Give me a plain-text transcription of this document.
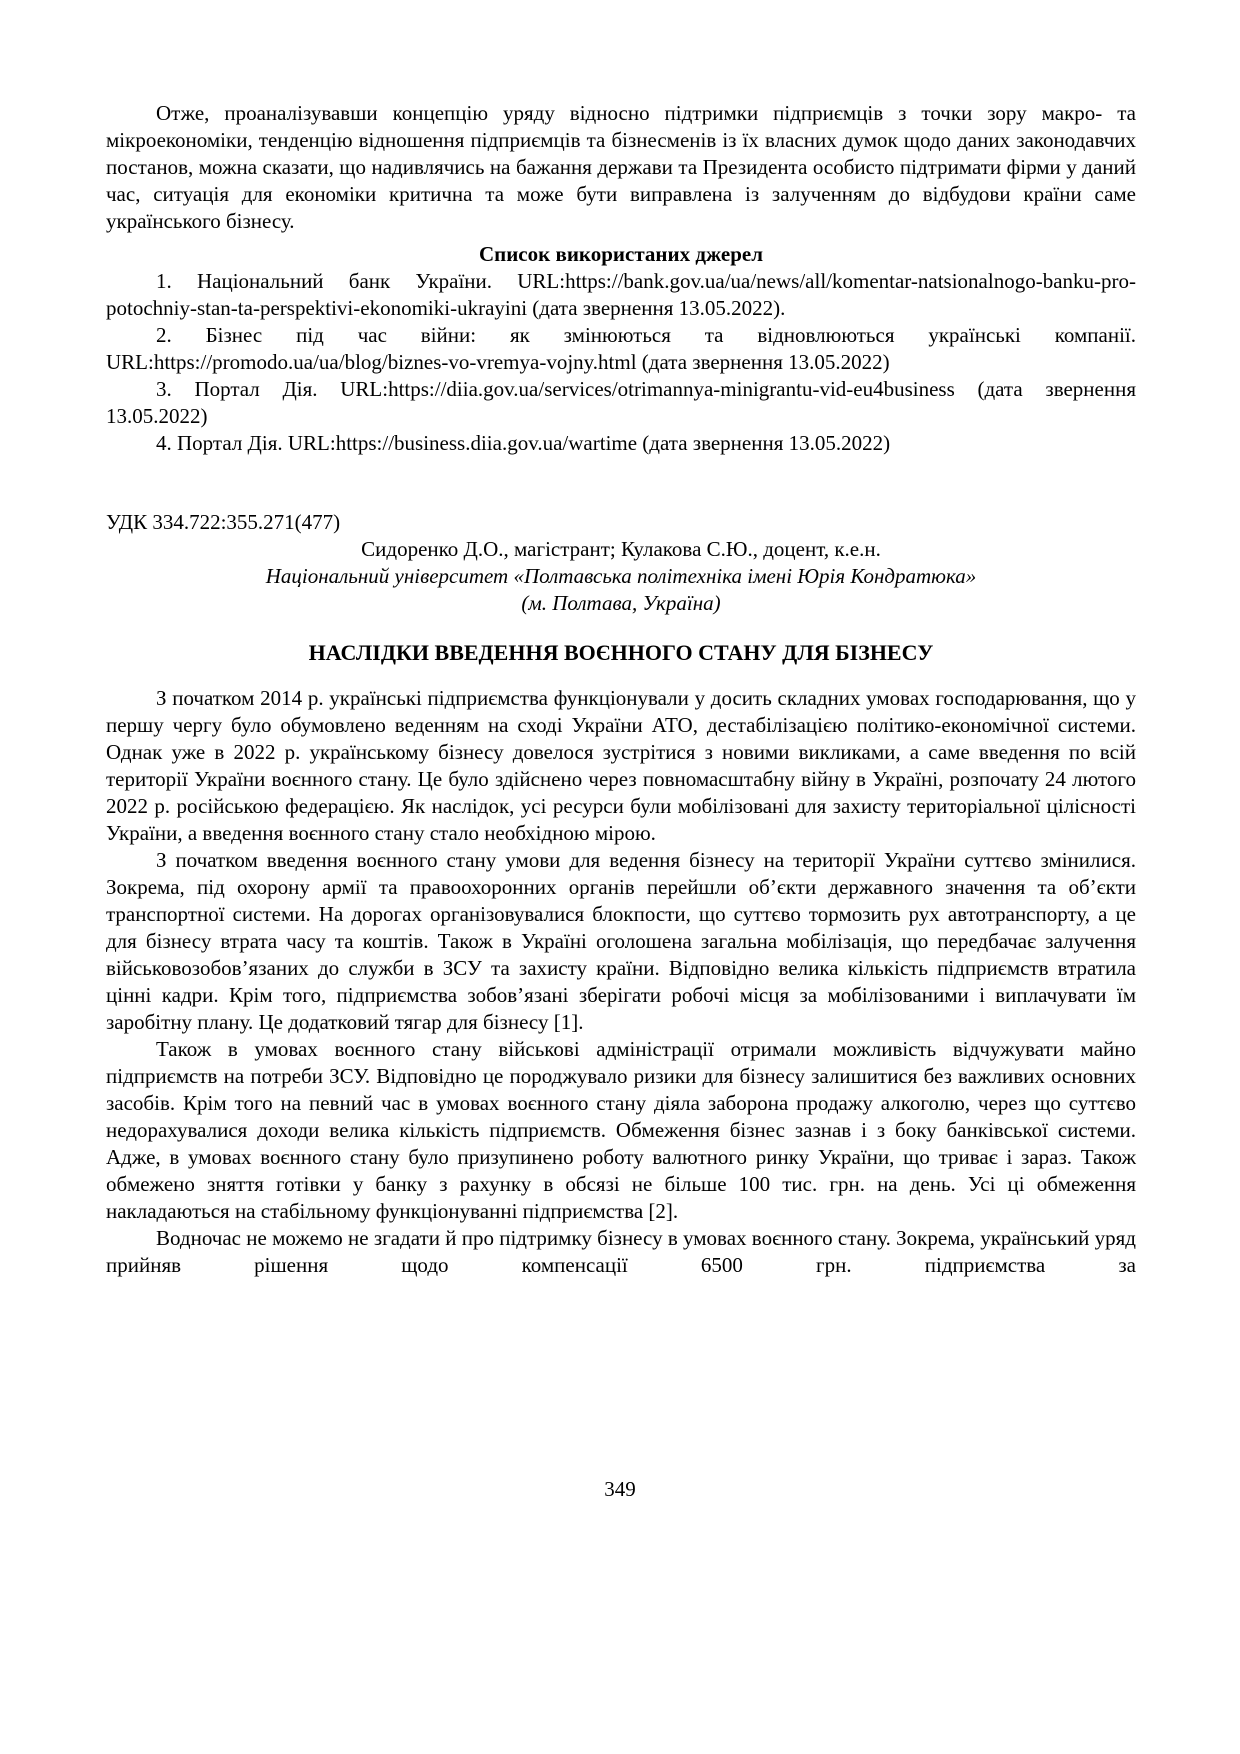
Отже, проаналізувавши концепцію уряду відносно підтримки підприємців з точки зору макро- та мікроекономіки, тенденцію відношення підприємців та бізнесменів із їх власних думок щодо даних законодавчих постанов, можна сказати, що надивлячись на бажання держави та Президента особисто підтримати фірми у даний час, ситуація для економіки критична та може бути виправлена із залученням до відбудови країни саме українського бізнесу.

Список використаних джерел

1. Національний банк України. URL:https://bank.gov.ua/ua/news/all/komentar-natsionalnogo-banku-pro-potochniy-stan-ta-perspektivi-ekonomiki-ukrayini (дата звернення 13.05.2022).

2. Бізнес під час війни: як змінюються та відновлюються українські компанії. URL:https://promodo.ua/ua/blog/biznes-vo-vremya-vojny.html (дата звернення 13.05.2022)

3. Портал Дія. URL:https://diia.gov.ua/services/otrimannya-minigrantu-vid-eu4business (дата звернення 13.05.2022)

4. Портал Дія. URL:https://business.diia.gov.ua/wartime (дата звернення 13.05.2022)

УДК 334.722:355.271(477)

Сидоренко Д.О., магістрант; Кулакова С.Ю., доцент, к.е.н.

Національний університет «Полтавська політехніка імені Юрія Кондратюка»

(м. Полтава, Україна)

НАСЛІДКИ ВВЕДЕННЯ ВОЄННОГО СТАНУ ДЛЯ БІЗНЕСУ

З початком 2014 р. українські підприємства функціонували у досить складних умовах господарювання, що у першу чергу було обумовлено веденням на сході України АТО, дестабілізацією політико-економічної системи. Однак уже в 2022 р. українському бізнесу довелося зустрітися з новими викликами, а саме введення по всій території України воєнного стану. Це було здійснено через повномасштабну війну в Україні, розпочату 24 лютого 2022 р. російською федерацією. Як наслідок, усі ресурси були мобілізовані для захисту територіальної цілісності України, а введення воєнного стану стало необхідною мірою.

З початком введення воєнного стану умови для ведення бізнесу на території України суттєво змінилися. Зокрема, під охорону армії та правоохоронних органів перейшли об’єкти державного значення та об’єкти транспортної системи. На дорогах організовувалися блокпости, що суттєво тормозить рух автотранспорту, а це для бізнесу втрата часу та коштів. Також в Україні оголошена загальна мобілізація, що передбачає залучення військовозобов’язаних до служби в ЗСУ та захисту країни. Відповідно велика кількість підприємств втратила цінні кадри. Крім того, підприємства зобов’язані зберігати робочі місця за мобілізованими і виплачувати їм заробітну плану. Це додатковий тягар для бізнесу [1].

Також в умовах воєнного стану військові адміністрації отримали можливість відчужувати майно підприємств на потреби ЗСУ. Відповідно це породжувало ризики для бізнесу залишитися без важливих основних засобів. Крім того на певний час в умовах воєнного стану діяла заборона продажу алкоголю, через що суттєво недорахувалися доходи велика кількість підприємств. Обмеження бізнес зазнав і з боку банківської системи. Адже, в умовах воєнного стану було призупинено роботу валютного ринку України, що триває і зараз. Також обмежено зняття готівки у банку з рахунку в обсязі не більше 100 тис. грн. на день. Усі ці обмеження накладаються на стабільному функціонуванні підприємства [2].

Водночас не можемо не згадати й про підтримку бізнесу в умовах воєнного стану. Зокрема, український уряд прийняв рішення щодо компенсації 6500 грн. підприємства за

349
